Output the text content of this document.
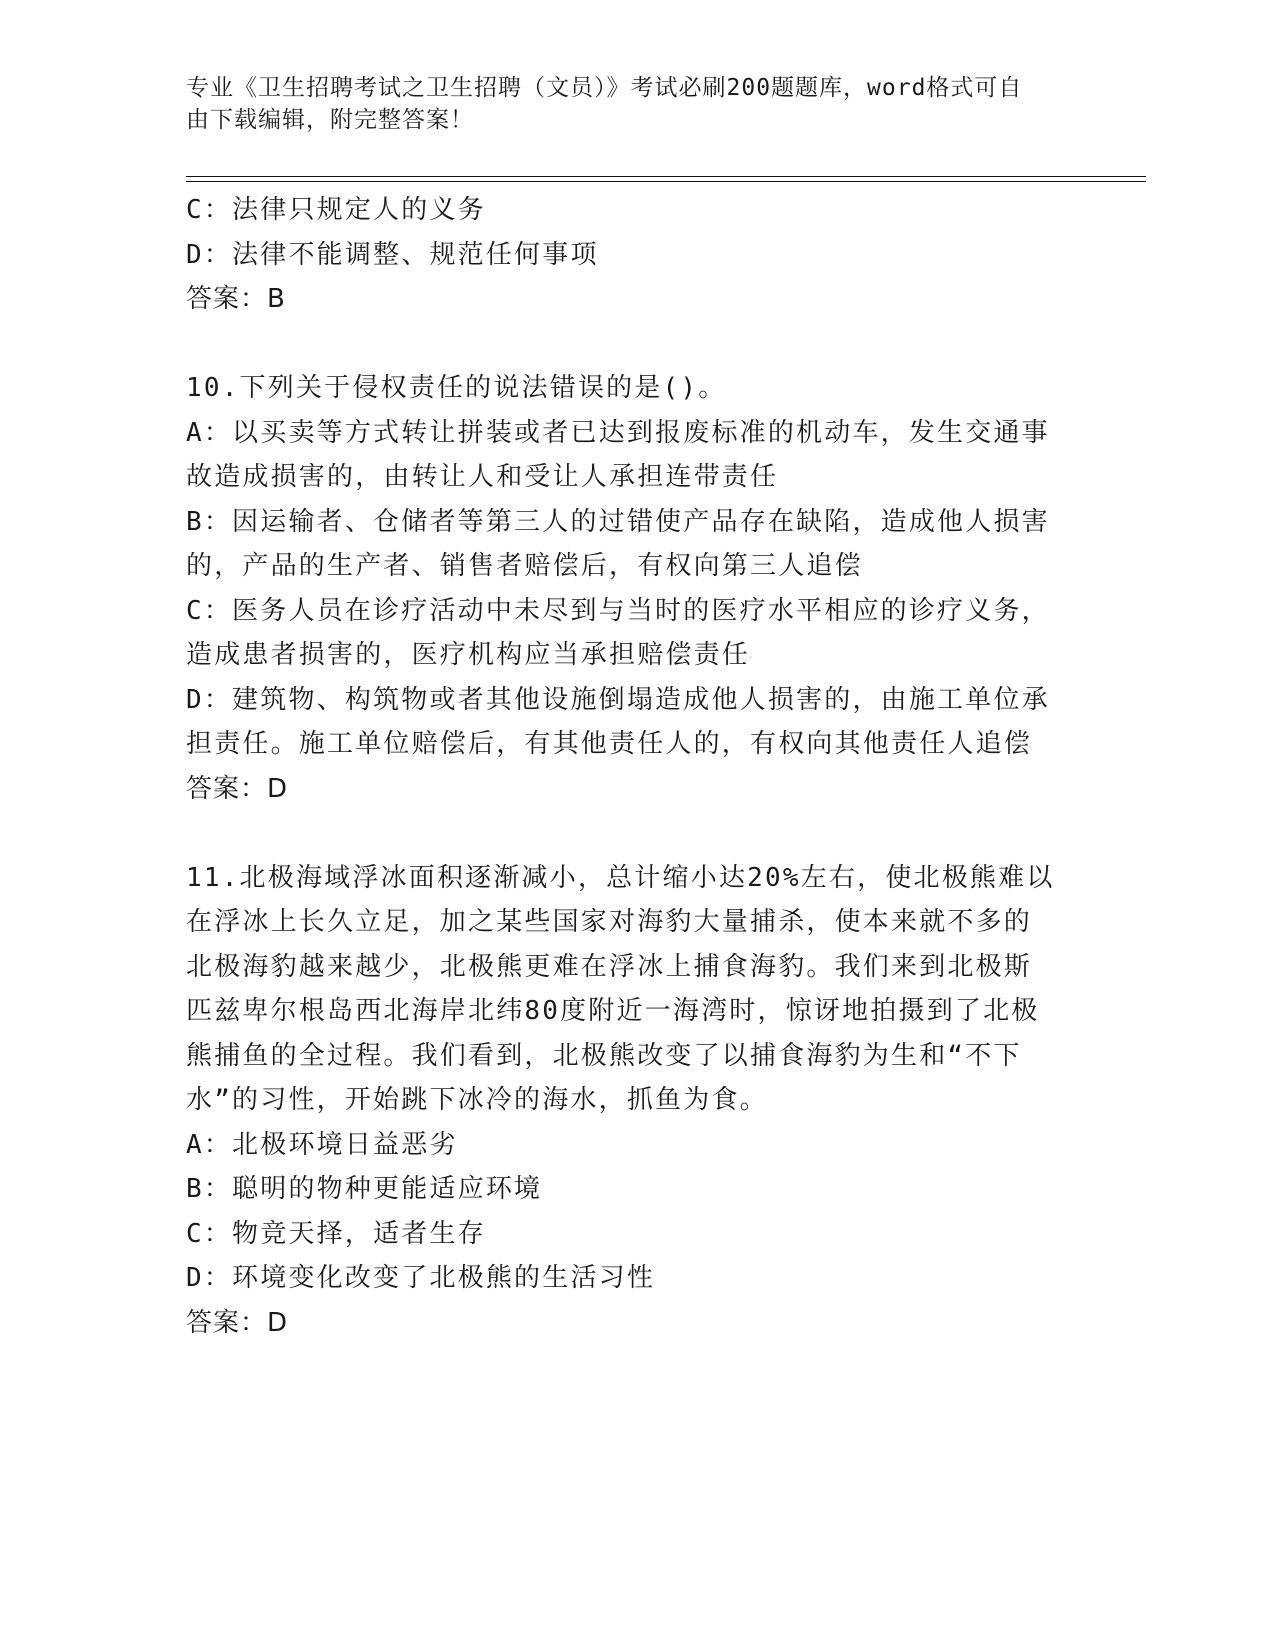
专业《卫生招聘考试之卫生招聘（文员）》考试必刷200题题库，word格式可自
由下载编辑，附完整答案！
C：法律只规定人的义务
D：法律不能调整、规范任何事项
答案：B
10.下列关于侵权责任的说法错误的是()。
A：以买卖等方式转让拼装或者已达到报废标准的机动车，发生交通事
故造成损害的，由转让人和受让人承担连带责任
B：因运输者、仓储者等第三人的过错使产品存在缺陷，造成他人损害
的，产品的生产者、销售者赔偿后，有权向第三人追偿
C：医务人员在诊疗活动中未尽到与当时的医疗水平相应的诊疗义务，
造成患者损害的，医疗机构应当承担赔偿责任
D：建筑物、构筑物或者其他设施倒塌造成他人损害的，由施工单位承
担责任。施工单位赔偿后，有其他责任人的，有权向其他责任人追偿
答案：D
11.北极海域浮冰面积逐渐减小，总计缩小达20%左右，使北极熊难以
在浮冰上长久立足，加之某些国家对海豹大量捕杀，使本来就不多的
北极海豹越来越少，北极熊更难在浮冰上捕食海豹。我们来到北极斯
匹兹卑尔根岛西北海岸北纬80度附近一海湾时，惊讶地拍摄到了北极
熊捕鱼的全过程。我们看到，北极熊改变了以捕食海豹为生和“不下
水”的习性，开始跳下冰冷的海水，抓鱼为食。
A：北极环境日益恶劣
B：聪明的物种更能适应环境
C：物竞天择，适者生存
D：环境变化改变了北极熊的生活习性
答案：D
